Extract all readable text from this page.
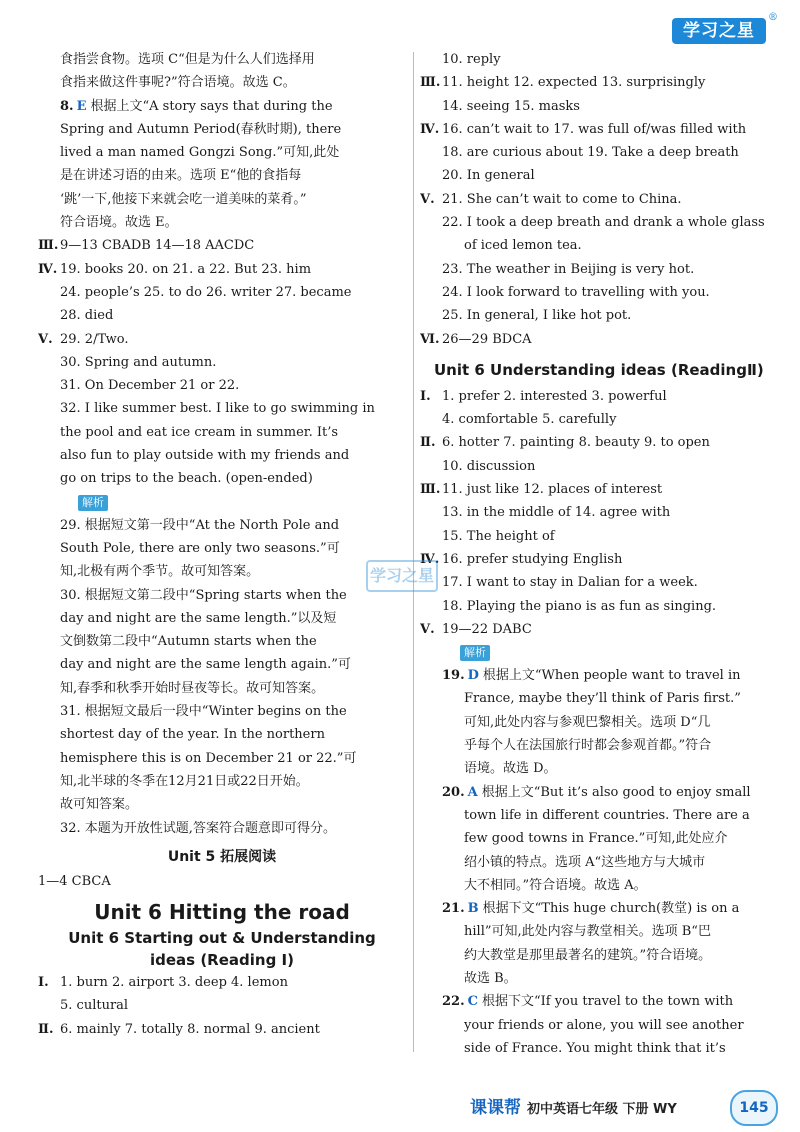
学习之星
®
食指尝食物。选项 C“但是为什么人们选择用
食指来做这件事呢?”符合语境。故选 C。
8. E 根据上文“A story says that during the
Spring and Autumn Period(春秋时期), there
lived a man named Gongzi Song.”可知,此处
是在讲述习语的由来。选项 E“他的食指每
‘跳’一下,他接下来就会吃一道美味的菜肴。”
符合语境。故选 E。
Ⅲ. 9—13 CBADB 14—18 AACDC
Ⅳ. 19. books 20. on 21. a 22. But 23. him
24. people’s 25. to do 26. writer 27. became
28. died
Ⅴ. 29. 2/Two.
30. Spring and autumn.
31. On December 21 or 22.
32. I like summer best. I like to go swimming in
the pool and eat ice cream in summer. It’s
also fun to play outside with my friends and
go on trips to the beach. (open-ended)
解析
29. 根据短文第一段中“At the North Pole and
South Pole, there are only two seasons.”可
知,北极有两个季节。故可知答案。
30. 根据短文第二段中“Spring starts when the
day and night are the same length.”以及短
文倒数第二段中“Autumn starts when the
day and night are the same length again.”可
知,春季和秋季开始时昼夜等长。故可知答案。
31. 根据短文最后一段中“Winter begins on the
shortest day of the year. In the northern
hemisphere this is on December 21 or 22.”可
知,北半球的冬季在12月21日或22日开始。
故可知答案。
32. 本题为开放性试题,答案符合题意即可得分。
Unit 5 拓展阅读
1—4 CBCA
Unit 6 Hitting the road
Unit 6 Starting out & Understanding
ideas (Reading Ⅰ)
Ⅰ. 1. burn 2. airport 3. deep 4. lemon
5. cultural
Ⅱ. 6. mainly 7. totally 8. normal 9. ancient
10. reply
Ⅲ. 11. height 12. expected 13. surprisingly
14. seeing 15. masks
Ⅳ. 16. can’t wait to 17. was full of/was filled with
18. are curious about 19. Take a deep breath
20. In general
Ⅴ. 21. She can’t wait to come to China.
22. I took a deep breath and drank a whole glass
of iced lemon tea.
23. The weather in Beijing is very hot.
24. I look forward to travelling with you.
25. In general, I like hot pot.
Ⅵ. 26—29 BDCA
Unit 6 Understanding ideas (ReadingⅡ)
Ⅰ. 1. prefer 2. interested 3. powerful
4. comfortable 5. carefully
Ⅱ. 6. hotter 7. painting 8. beauty 9. to open
10. discussion
Ⅲ. 11. just like 12. places of interest
13. in the middle of 14. agree with
15. The height of
Ⅳ. 16. prefer studying English
17. I want to stay in Dalian for a week.
18. Playing the piano is as fun as singing.
Ⅴ. 19—22 DABC
解析
19. D 根据上文“When people want to travel in
France, maybe they’ll think of Paris first.”
可知,此处内容与参观巴黎相关。选项 D“几
乎每个人在法国旅行时都会参观首都。”符合
语境。故选 D。
20. A 根据上文“But it’s also good to enjoy small
town life in different countries. There are a
few good towns in France.”可知,此处应介
绍小镇的特点。选项 A“这些地方与大城市
大不相同。”符合语境。故选 A。
21. B 根据下文“This huge church(教堂) is on a
hill”可知,此处内容与教堂相关。选项 B“巴
约大教堂是那里最著名的建筑。”符合语境。
故选 B。
22. C 根据下文“If you travel to the town with
your friends or alone, you will see another
side of France. You might think that it’s
学习之星
课课帮 初中英语七年级 下册 WY	145
